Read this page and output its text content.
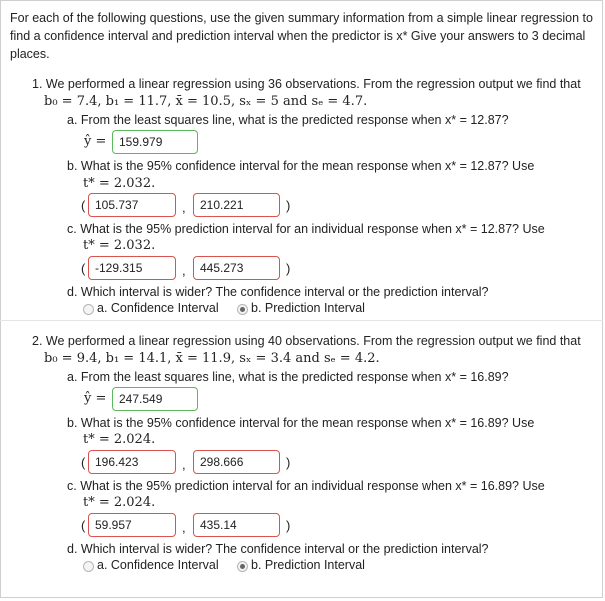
For each of the following questions, use the given summary information from a simple linear regression to find a confidence interval and prediction interval when the predictor is x* Give your answers to 3 decimal places.
1. We performed a linear regression using 36 observations. From the regression output we find that
b₀ = 7.4, b₁ = 11.7, x̄ = 10.5, sₓ = 5 and sₑ = 4.7.
a. From the least squares line, what is the predicted response when x* = 12.87?
ŷ =	159.979
b. What is the 95% confidence interval for the mean response when x* = 12.87? Use
t* = 2.032.
( 105.737	,	210.221	)
c. What is the 95% prediction interval for an individual response when x* = 12.87? Use
t* = 2.032.
( -129.315	,	445.273	)
d. Which interval is wider? The confidence interval or the prediction interval?
a. Confidence Interval	b. Prediction Interval
2. We performed a linear regression using 40 observations. From the regression output we find that
b₀ = 9.4, b₁ = 14.1, x̄ = 11.9, sₓ = 3.4 and sₑ = 4.2.
a. From the least squares line, what is the predicted response when x* = 16.89?
ŷ =	247.549
b. What is the 95% confidence interval for the mean response when x* = 16.89? Use
t* = 2.024.
( 196.423	,	298.666	)
c. What is the 95% prediction interval for an individual response when x* = 16.89? Use
t* = 2.024.
( 59.957	,	435.14	)
d. Which interval is wider? The confidence interval or the prediction interval?
a. Confidence Interval	b. Prediction Interval
